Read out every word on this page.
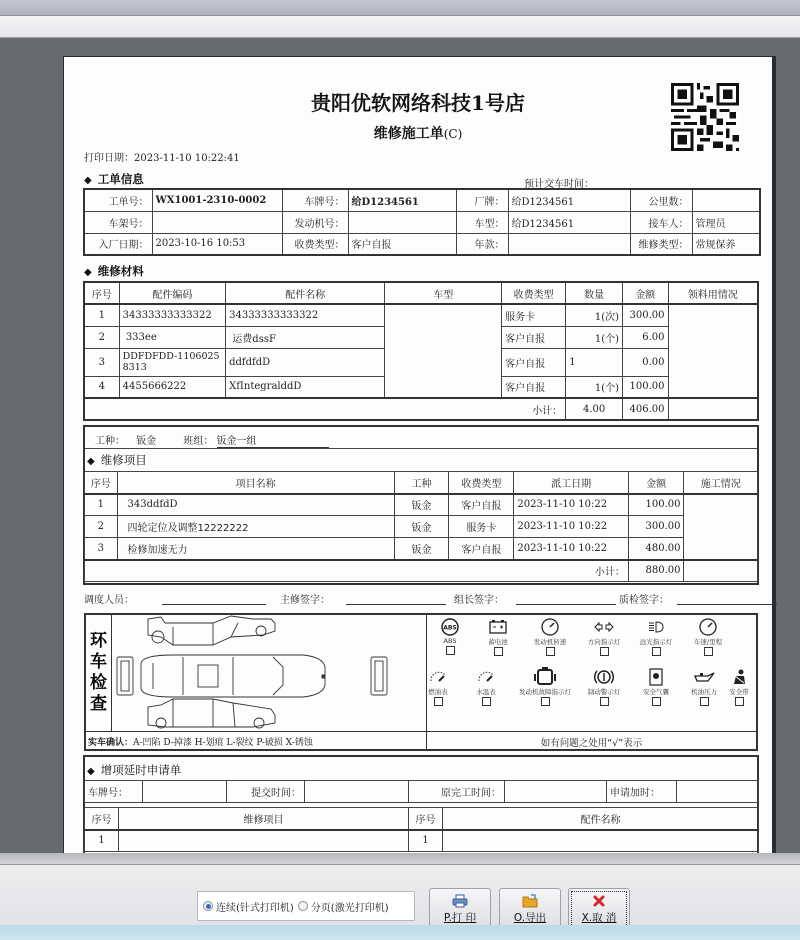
贵阳优软网络科技1号店
维修施工单(C)
打印日期：2023-11-10 10:22:41
◆ 工单信息	预计交车时间：
工单号：	WX1001-2310-0002	车牌号：	给D1234561	厂牌：	给D1234561	公里数：	
车架号：		发动机号：		车型：	给D1234561	接车人：	管理员
入厂日期：	2023-10-16 10:53	收费类型：	客户自报	年款：		维修类型：	常规保养
◆ 维修材料
序号	配件编码	配件名称	车型	收费类型	数量	金额	领料用情况
1	34333333333322	34333333333322		服务卡	1(次)	300.00	
2	333ee	运费dssF		客户自报	1(个)	6.00	
3	DDFDFDD-11060258313	ddfdfdD		客户自报	1	0.00	
4	4455666222	XfIntegralddD		客户自报	1(个)	100.00	
小计：					4.00	406.00	
工种： 钣金	班组： 钣金一组
◆ 维修项目
序号	项目名称	工种	收费类型	派工日期	金额	施工情况
1	343ddfdD	钣金	客户自报	2023-11-10 10:22	100.00	
2	四轮定位及调整12222222	钣金	服务卡	2023-11-10 10:22	300.00	
3	检修加速无力	钣金	客户自报	2023-11-10 10:22	480.00	
小计：					880.00	
调度人员：	主修签字：	组长签字：	质检签字：
环
车
检
查
实车确认：A-凹陷 D-掉漆 H-划痕 L-裂纹 P-破损 X-锈蚀	如有问题之处用“√”表示
ABS
ABS	蓄电池	发动机转速	方向指示灯	远光指示灯	车速/里程
燃油表	水温表	发动机故障指示灯	制动警示灯	安全气囊	机油压力	安全带
◆ 增项延时申请单
车牌号：		提交时间：		原完工时间：		申请加时：	
序号	维修项目	序号	配件名称
1		1	
连续(针式打印机) 分页(激光打印机)
P.打 印	O.导出	X.取 消
